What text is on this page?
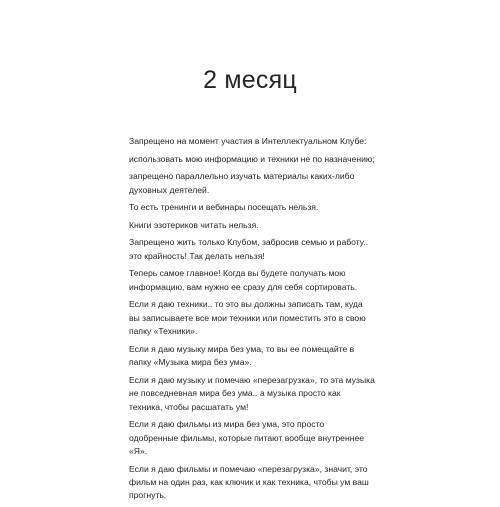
2 месяц

Запрещено на момент участия в Интеллектуальном Клубе:

использовать мою информацию и техники не по назначению;

запрещено параллельно изучать материалы каких-либо духовных деятелей.

То есть тренинги и вебинары посещать нельзя.

Книги эзотериков читать нельзя.

Запрещено жить только Клубом, забросив семью и работу.. это крайность! Так делать нельзя!

Теперь самое главное! Когда вы будете получать мою информацию, вам нужно ее сразу для себя сортировать.

Если я даю техники.. то это вы должны записать там, куда вы записываете все мои техники или поместить это в свою папку «Техники».

Если я даю музыку мира без ума, то вы ее помещайте в папку «Музыка мира без ума».

Если я даю музыку и помечаю «перезагрузка», то эта музыка не повседневная мира без ума.. а музыка просто как техника, чтобы расшатать ум!

Если я даю фильмы из мира без ума, это просто одобренные фильмы, которые питают вообще внутреннее «Я».

Если я даю фильмы и помечаю «перезагрузка», значит, это фильм на один раз, как ключик и как техника, чтобы ум ваш прогнуть.
